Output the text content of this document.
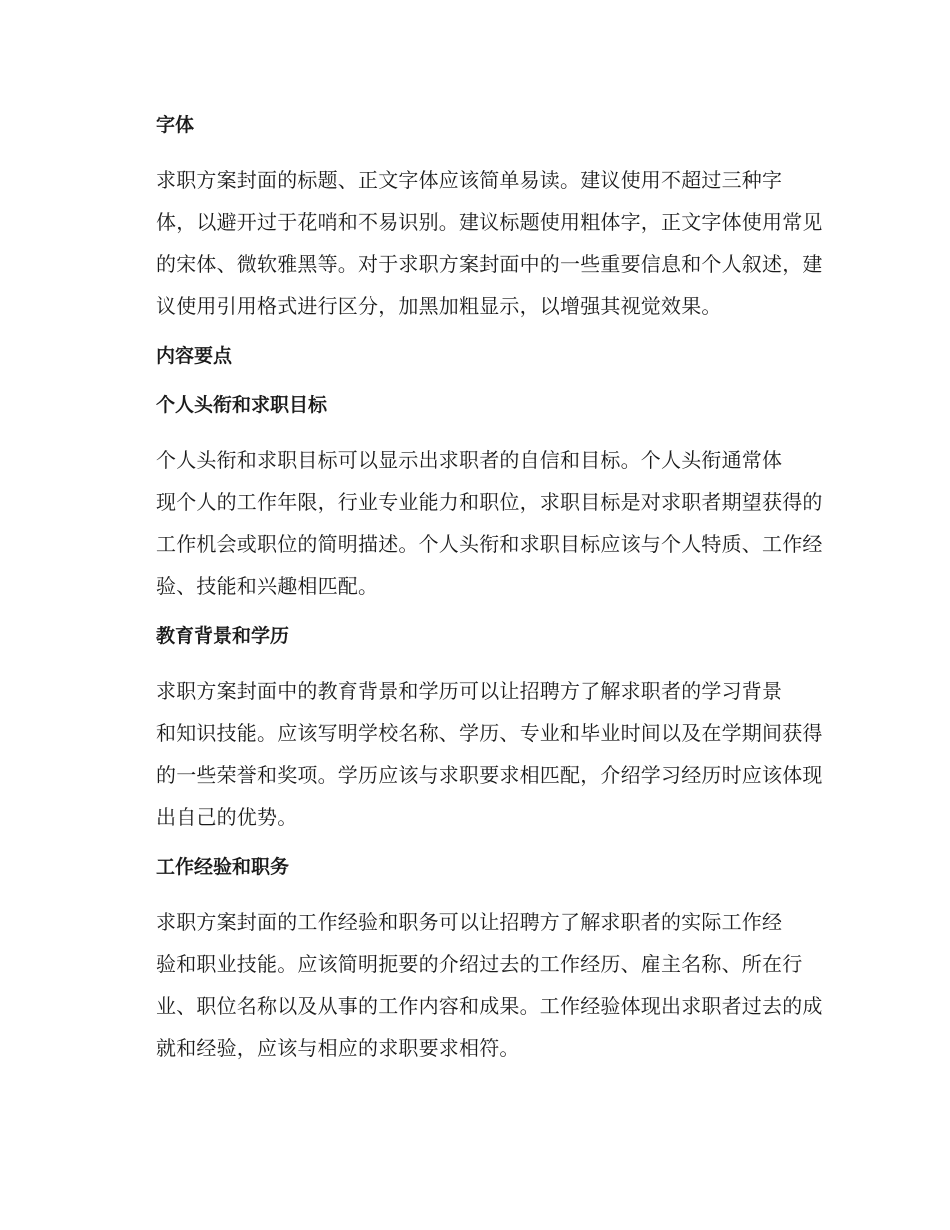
字体
求职方案封面的标题、正文字体应该简单易读。建议使用不超过三种字
体，以避开过于花哨和不易识别。建议标题使用粗体字，正文字体使用常见
的宋体、微软雅黑等。对于求职方案封面中的一些重要信息和个人叙述，建
议使用引用格式进行区分，加黑加粗显示，以增强其视觉效果。
内容要点
个人头衔和求职目标
个人头衔和求职目标可以显示出求职者的自信和目标。个人头衔通常体
现个人的工作年限，行业专业能力和职位，求职目标是对求职者期望获得的
工作机会或职位的简明描述。个人头衔和求职目标应该与个人特质、工作经
验、技能和兴趣相匹配。
教育背景和学历
求职方案封面中的教育背景和学历可以让招聘方了解求职者的学习背景
和知识技能。应该写明学校名称、学历、专业和毕业时间以及在学期间获得
的一些荣誉和奖项。学历应该与求职要求相匹配，介绍学习经历时应该体现
出自己的优势。
工作经验和职务
求职方案封面的工作经验和职务可以让招聘方了解求职者的实际工作经
验和职业技能。应该简明扼要的介绍过去的工作经历、雇主名称、所在行
业、职位名称以及从事的工作内容和成果。工作经验体现出求职者过去的成
就和经验，应该与相应的求职要求相符。
